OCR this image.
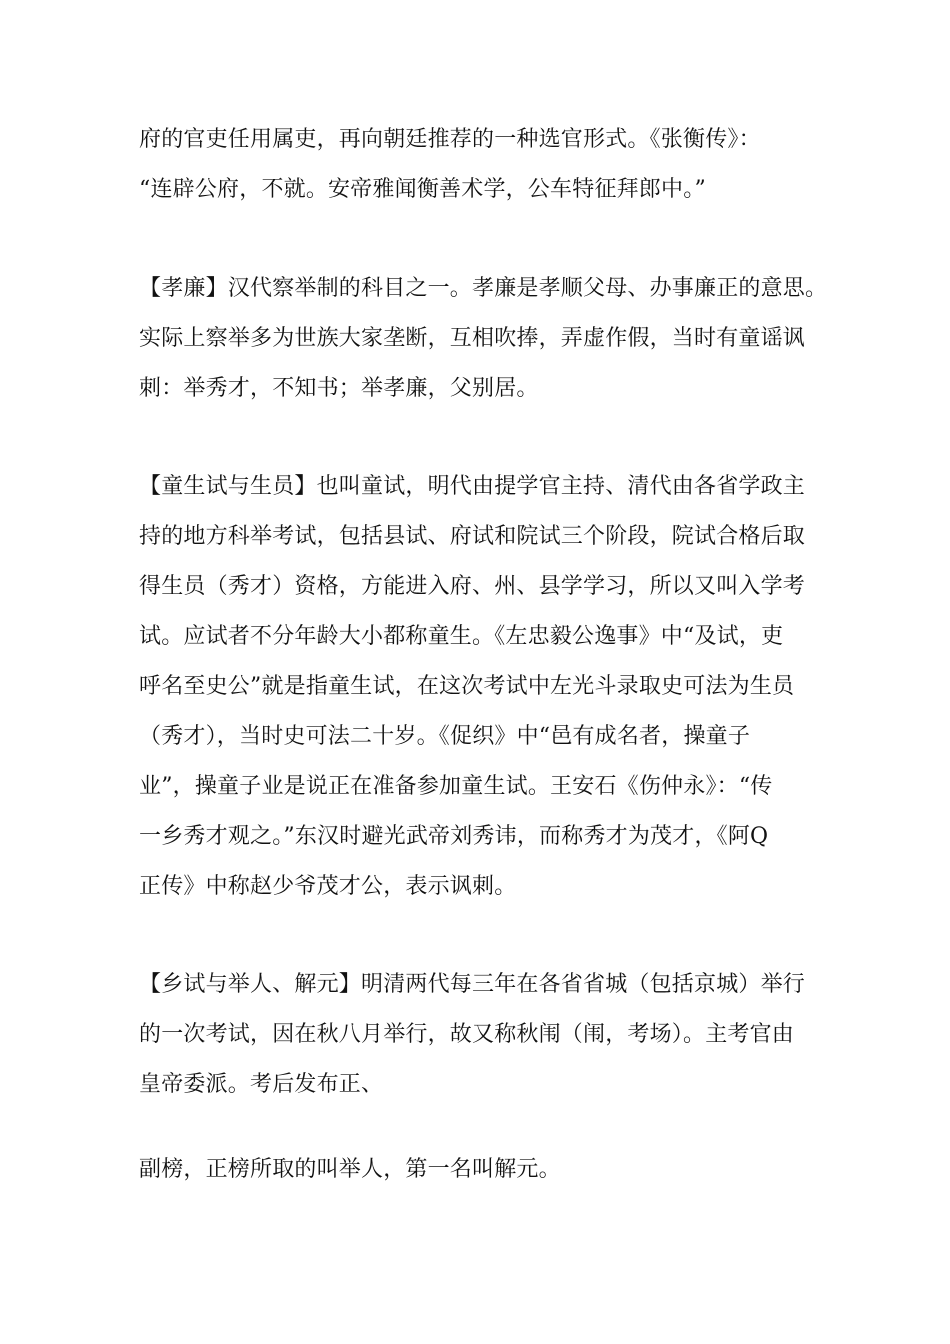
府的官吏任用属吏，再向朝廷推荐的一种选官形式。《张衡传》：
“连辟公府，不就。安帝雅闻衡善术学，公车特征拜郎中。”
【孝廉】汉代察举制的科目之一。孝廉是孝顺父母、办事廉正的意思。
实际上察举多为世族大家垄断，互相吹捧，弄虚作假，当时有童谣讽
刺：举秀才，不知书；举孝廉，父别居。
【童生试与生员】也叫童试，明代由提学官主持、清代由各省学政主
持的地方科举考试，包括县试、府试和院试三个阶段，院试合格后取
得生员（秀才）资格，方能进入府、州、县学学习，所以又叫入学考
试。应试者不分年龄大小都称童生。《左忠毅公逸事》中“及试，吏
呼名至史公”就是指童生试，在这次考试中左光斗录取史可法为生员
（秀才），当时史可法二十岁。《促织》中“邑有成名者，操童子
业”，操童子业是说正在准备参加童生试。王安石《伤仲永》：“传
一乡秀才观之。”东汉时避光武帝刘秀讳，而称秀才为茂才，《阿Q
正传》中称赵少爷茂才公，表示讽刺。
【乡试与举人、解元】明清两代每三年在各省省城（包括京城）举行
的一次考试，因在秋八月举行，故又称秋闱（闱，考场）。主考官由
皇帝委派。考后发布正、
副榜，正榜所取的叫举人，第一名叫解元。
